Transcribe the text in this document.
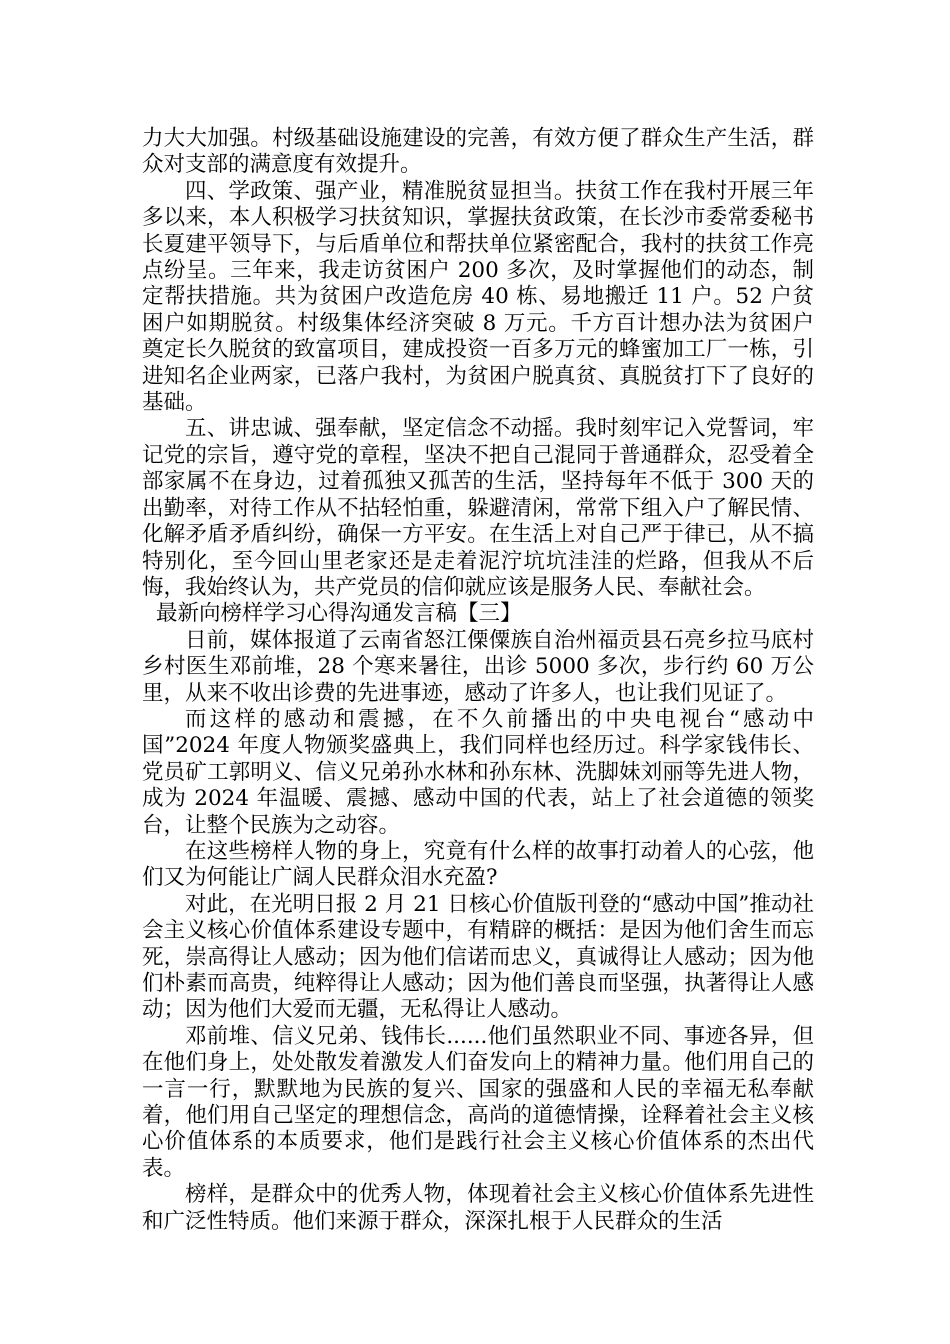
力大大加强。村级基础设施建设的完善，有效方便了群众生产生活，群众对支部的满意度有效提升。

四、学政策、强产业，精准脱贫显担当。扶贫工作在我村开展三年多以来，本人积极学习扶贫知识，掌握扶贫政策，在长沙市委常委秘书长夏建平领导下，与后盾单位和帮扶单位紧密配合，我村的扶贫工作亮点纷呈。三年来，我走访贫困户 200 多次，及时掌握他们的动态，制定帮扶措施。共为贫困户改造危房 40 栋、易地搬迁 11 户。52 户贫困户如期脱贫。村级集体经济突破 8 万元。千方百计想办法为贫困户奠定长久脱贫的致富项目，建成投资一百多万元的蜂蜜加工厂一栋，引进知名企业两家，已落户我村，为贫困户脱真贫、真脱贫打下了良好的基础。

五、讲忠诚、强奉献，坚定信念不动摇。我时刻牢记入党誓词，牢记党的宗旨，遵守党的章程，坚决不把自己混同于普通群众，忍受着全部家属不在身边，过着孤独又孤苦的生活，坚持每年不低于 300 天的出勤率，对待工作从不拈轻怕重，躲避清闲，常常下组入户了解民情、化解矛盾矛盾纠纷，确保一方平安。在生活上对自己严于律已，从不搞特别化，至今回山里老家还是走着泥泞坑坑洼洼的烂路，但我从不后悔，我始终认为，共产党员的信仰就应该是服务人民、奉献社会。

最新向榜样学习心得沟通发言稿【三】

日前，媒体报道了云南省怒江傈僳族自治州福贡县石亮乡拉马底村乡村医生邓前堆，28 个寒来暑往，出诊 5000 多次，步行约 60 万公里，从来不收出诊费的先进事迹，感动了许多人，也让我们见证了。

而这样的感动和震撼，在不久前播出的中央电视台“感动中国”2024 年度人物颁奖盛典上，我们同样也经历过。科学家钱伟长、党员矿工郭明义、信义兄弟孙水林和孙东林、洗脚妹刘丽等先进人物，成为 2024 年温暖、震撼、感动中国的代表，站上了社会道德的领奖台，让整个民族为之动容。

在这些榜样人物的身上，究竟有什么样的故事打动着人的心弦，他们又为何能让广阔人民群众泪水充盈?

对此，在光明日报 2 月 21 日核心价值版刊登的“感动中国”推动社会主义核心价值体系建设专题中，有精辟的概括：是因为他们舍生而忘死，崇高得让人感动；因为他们信诺而忠义，真诚得让人感动；因为他们朴素而高贵，纯粹得让人感动；因为他们善良而坚强，执著得让人感动；因为他们大爱而无疆，无私得让人感动。

邓前堆、信义兄弟、钱伟长......他们虽然职业不同、事迹各异，但在他们身上，处处散发着激发人们奋发向上的精神力量。他们用自己的一言一行，默默地为民族的复兴、国家的强盛和人民的幸福无私奉献着，他们用自己坚定的理想信念，高尚的道德情操，诠释着社会主义核心价值体系的本质要求，他们是践行社会主义核心价值体系的杰出代表。

榜样，是群众中的优秀人物，体现着社会主义核心价值体系先进性和广泛性特质。他们来源于群众，深深扎根于人民群众的生活
